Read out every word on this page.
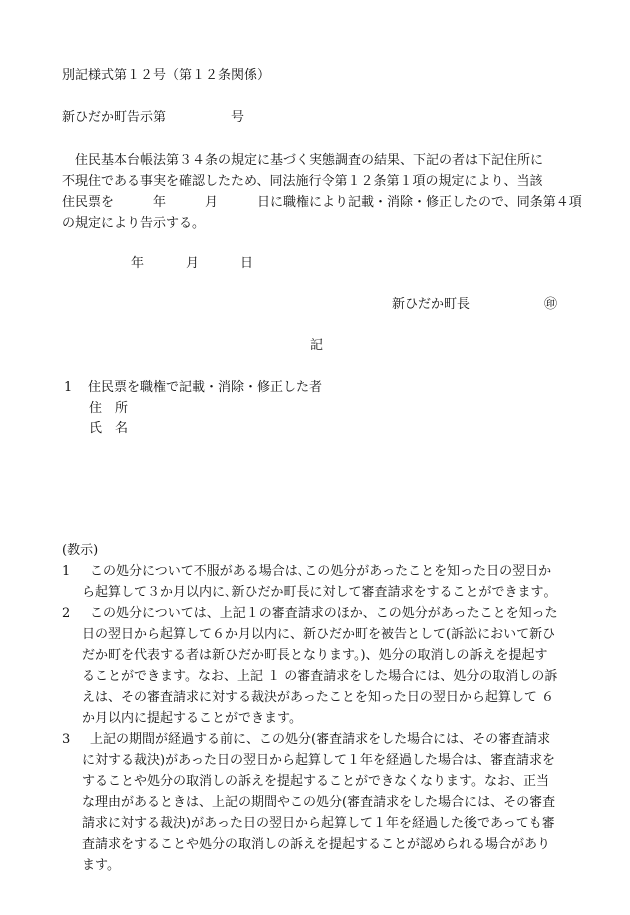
別記様式第１２号（第１２条関係）
新ひだか町告示第　　　　　号
住民基本台帳法第３４条の規定に基づく実態調査の結果、下記の者は下記住所に
不現住である事実を確認したため、同法施行令第１２条第１項の規定により、当該
住民票を　　　年　　　月　　　日に職権により記載・消除・修正したので、同条第４項
の規定により告示する。
年	月	日
新ひだか町長	㊞
記
1 住民票を職権で記載・消除・修正した者
住　所
氏　名
(教示)
1	この処分について不服がある場合は､この処分があったことを知った日の翌日か
ら起算して３か月以内に､新ひだか町長に対して審査請求をすることができます｡
2	この処分については、上記１の審査請求のほか、この処分があったことを知った
日の翌日から起算して６か月以内に、新ひだか町を被告として(訴訟において新ひ
だか町を代表する者は新ひだか町長となります。)、処分の取消しの訴えを提起す
ることができます。なお、上記 １ の審査請求をした場合には、処分の取消しの訴
えは、その審査請求に対する裁決があったことを知った日の翌日から起算して ６
か月以内に提起することができます。
3	上記の期間が経過する前に、この処分(審査請求をした場合には、その審査請求
に対する裁決)があった日の翌日から起算して１年を経過した場合は、審査請求を
することや処分の取消しの訴えを提起することができなくなります。なお、正当
な理由があるときは、上記の期間やこの処分(審査請求をした場合には、その審査
請求に対する裁決)があった日の翌日から起算して１年を経過した後であっても審
査請求をすることや処分の取消しの訴えを提起することが認められる場合があり
ます。
